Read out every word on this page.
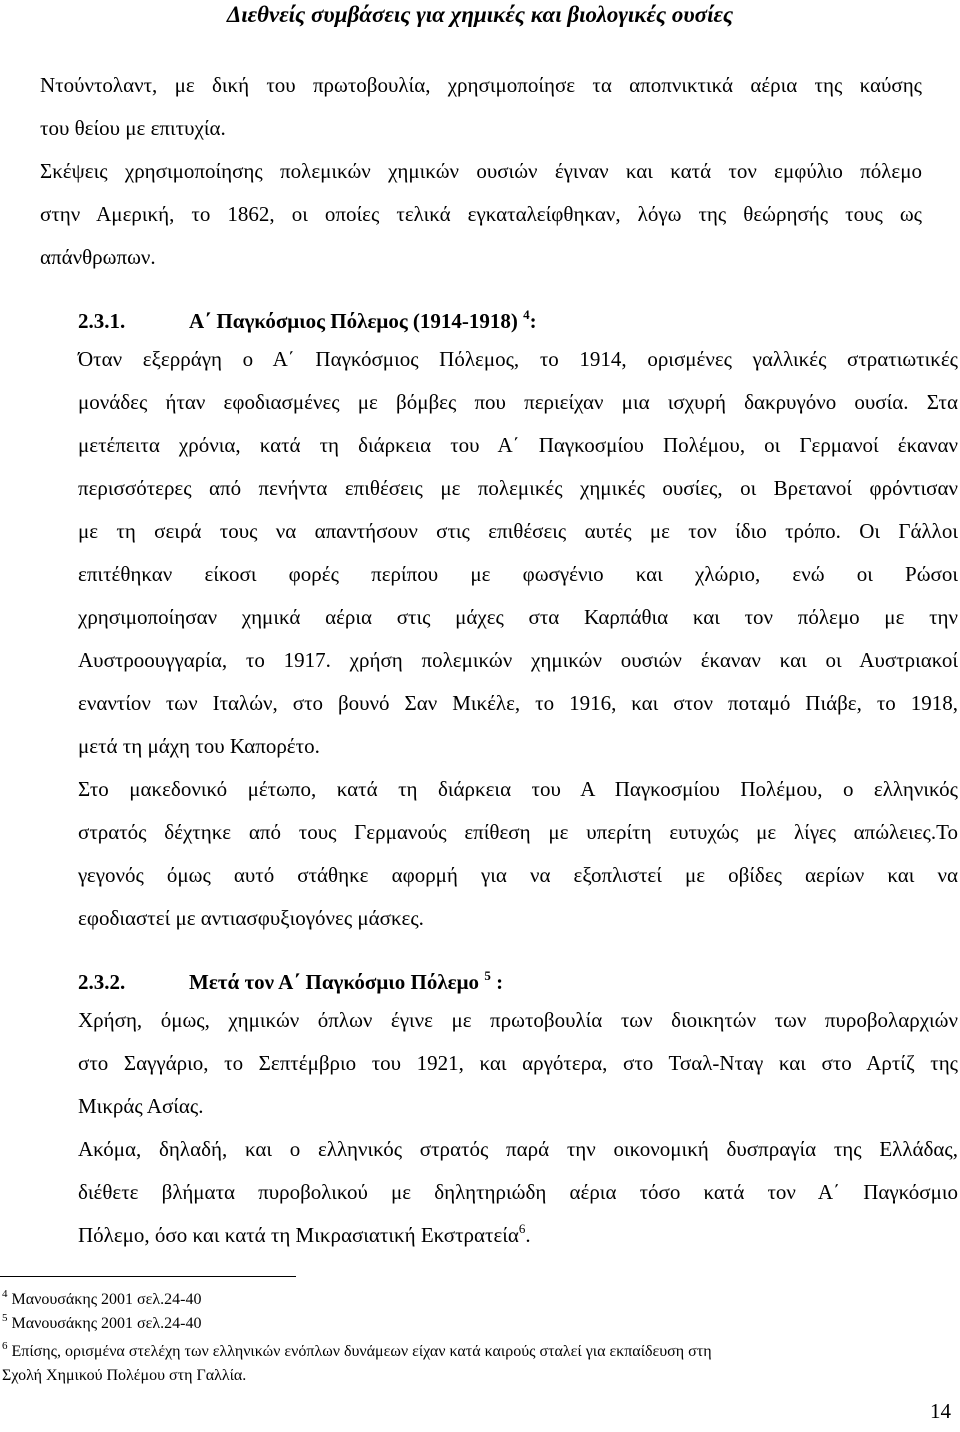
Διεθνείς συμβάσεις για χημικές και βιολογικές ουσίες

Ντούντολαντ, με δική του πρωτοβουλία, χρησιμοποίησε τα αποπνικτικά αέρια της καύσης

του θείου με επιτυχία.

Σκέψεις χρησιμοποίησης πολεμικών χημικών ουσιών έγιναν και κατά τον εμφύλιο πόλεμο

στην Αμερική, το 1862, οι οποίες τελικά εγκαταλείφθηκαν, λόγω της θεώρησής τους ως

απάνθρωπων.

2.3.1.	Α΄ Παγκόσμιος Πόλεμος (1914-1918) $^4$:

Όταν εξερράγη ο Α΄ Παγκόσμιος Πόλεμος, το 1914, ορισμένες γαλλικές στρατιωτικές

μονάδες ήταν εφοδιασμένες με βόμβες που περιείχαν μια ισχυρή δακρυγόνο ουσία. Στα

μετέπειτα χρόνια, κατά τη διάρκεια του Α΄ Παγκοσμίου Πολέμου, οι Γερμανοί έκαναν

περισσότερες από πενήντα επιθέσεις με πολεμικές χημικές ουσίες, οι Βρετανοί φρόντισαν

με τη σειρά τους να απαντήσουν στις επιθέσεις αυτές με τον ίδιο τρόπο. Οι Γάλλοι

επιτέθηκαν είκοσι φορές περίπου με φωσγένιο και χλώριο, ενώ οι Ρώσοι

χρησιμοποίησαν χημικά αέρια στις μάχες στα Καρπάθια και τον πόλεμο με την

Αυστροουγγαρία, το 1917. χρήση πολεμικών χημικών ουσιών έκαναν και οι Αυστριακοί

εναντίον των Ιταλών, στο βουνό Σαν Μικέλε, το 1916, και στον ποταμό Πιάβε, το 1918,

μετά τη μάχη του Καπορέτο.

Στο μακεδονικό μέτωπο, κατά τη διάρκεια του Α Παγκοσμίου Πολέμου, ο ελληνικός

στρατός δέχτηκε από τους Γερμανούς επίθεση με υπερίτη ευτυχώς με λίγες απώλειες.Το

γεγονός όμως αυτό στάθηκε αφορμή για να εξοπλιστεί με οβίδες αερίων και να

εφοδιαστεί με αντιασφυξιογόνες μάσκες.

2.3.2.	Μετά τον Α΄ Παγκόσμιο Πόλεμο $^5$ :

Χρήση, όμως, χημικών όπλων έγινε με πρωτοβουλία των διοικητών των πυροβολαρχιών

στο Σαγγάριο, το Σεπτέμβριο του 1921, και αργότερα, στο Τσαλ-Νταγ και στο Αρτίζ της

Μικράς Ασίας.

Ακόμα, δηλαδή, και ο ελληνικός στρατός παρά την οικονομική δυσπραγία της Ελλάδας,

διέθετε βλήματα πυροβολικού με δηλητηριώδη αέρια τόσο κατά τον Α΄ Παγκόσμιο

Πόλεμο, όσο και κατά τη Μικρασιατική Εκστρατεία$^6$.

$^4$ Μανουσάκης 2001 σελ.24-40

$^5$ Μανουσάκης 2001 σελ.24-40

$^6$ Επίσης, ορισμένα στελέχη των ελληνικών ενόπλων δυνάμεων είχαν κατά καιρούς σταλεί για εκπαίδευση στη

Σχολή Χημικού Πολέμου στη Γαλλία.

14
